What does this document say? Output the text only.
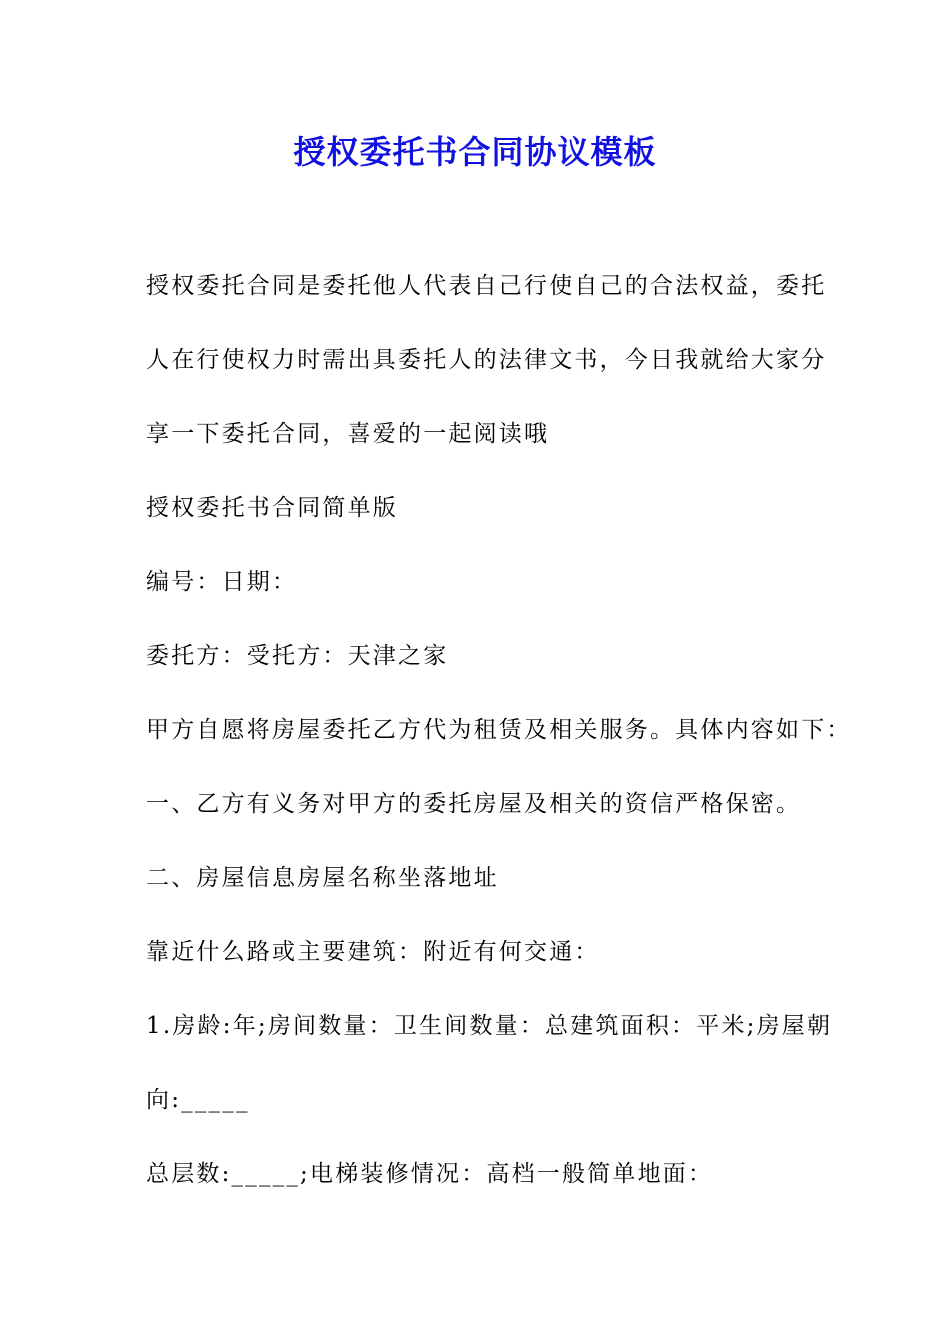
授权委托书合同协议模板
授权委托合同是委托他人代表自己行使自己的合法权益，委托
人在行使权力时需出具委托人的法律文书，今日我就给大家分
享一下委托合同，喜爱的一起阅读哦
授权委托书合同简单版
编号：日期：
委托方：受托方：天津之家
甲方自愿将房屋委托乙方代为租赁及相关服务。具体内容如下：
一、乙方有义务对甲方的委托房屋及相关的资信严格保密。
二、房屋信息房屋名称坐落地址
靠近什么路或主要建筑：附近有何交通：
1.房龄:年;房间数量：卫生间数量：总建筑面积：平米;房屋朝
向:_____
总层数:_____;电梯装修情况：高档一般简单地面：
